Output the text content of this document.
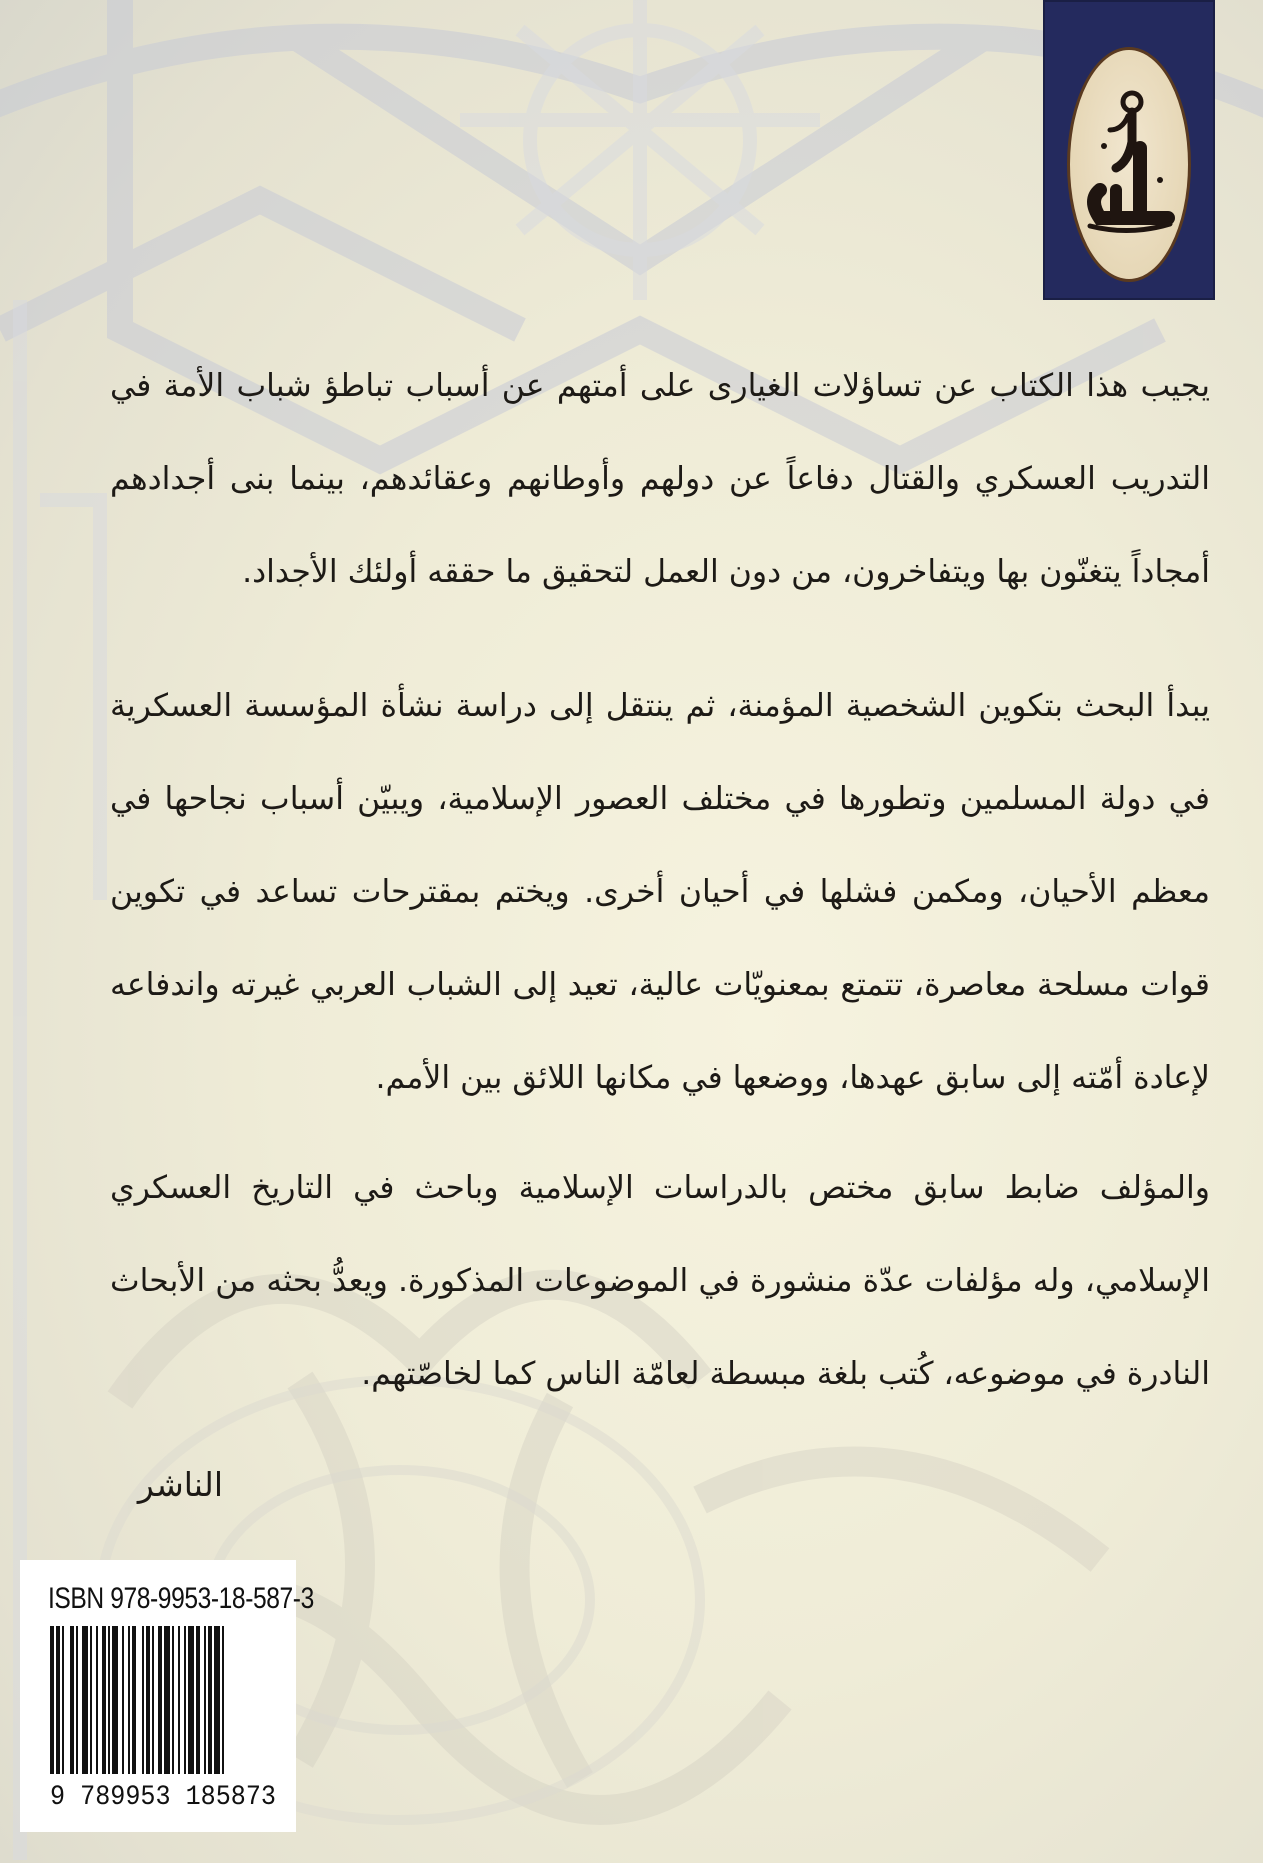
يجيب هذا الكتاب عن تساؤلات الغيارى على أمتهم عن أسباب تباطؤ شباب الأمة في التدريب العسكري والقتال دفاعاً عن دولهم وأوطانهم وعقائدهم، بينما بنى أجدادهم أمجاداً يتغنّون بها ويتفاخرون، من دون العمل لتحقيق ما حققه أولئك الأجداد.
يبدأ البحث بتكوين الشخصية المؤمنة، ثم ينتقل إلى دراسة نشأة المؤسسة العسكرية في دولة المسلمين وتطورها في مختلف العصور الإسلامية، ويبيّن أسباب نجاحها في معظم الأحيان، ومكمن فشلها في أحيان أخرى. ويختم بمقترحات تساعد في تكوين قوات مسلحة معاصرة، تتمتع بمعنويّات عالية، تعيد إلى الشباب العربي غيرته واندفاعه لإعادة أمّته إلى سابق عهدها، ووضعها في مكانها اللائق بين الأمم.
والمؤلف ضابط سابق مختص بالدراسات الإسلامية وباحث في التاريخ العسكري الإسلامي، وله مؤلفات عدّة منشورة في الموضوعات المذكورة. ويعدُّ بحثه من الأبحاث النادرة في موضوعه، كُتب بلغة مبسطة لعامّة الناس كما لخاصّتهم.
الناشر
ISBN 978-9953-18-587-3
9 789953 185873
